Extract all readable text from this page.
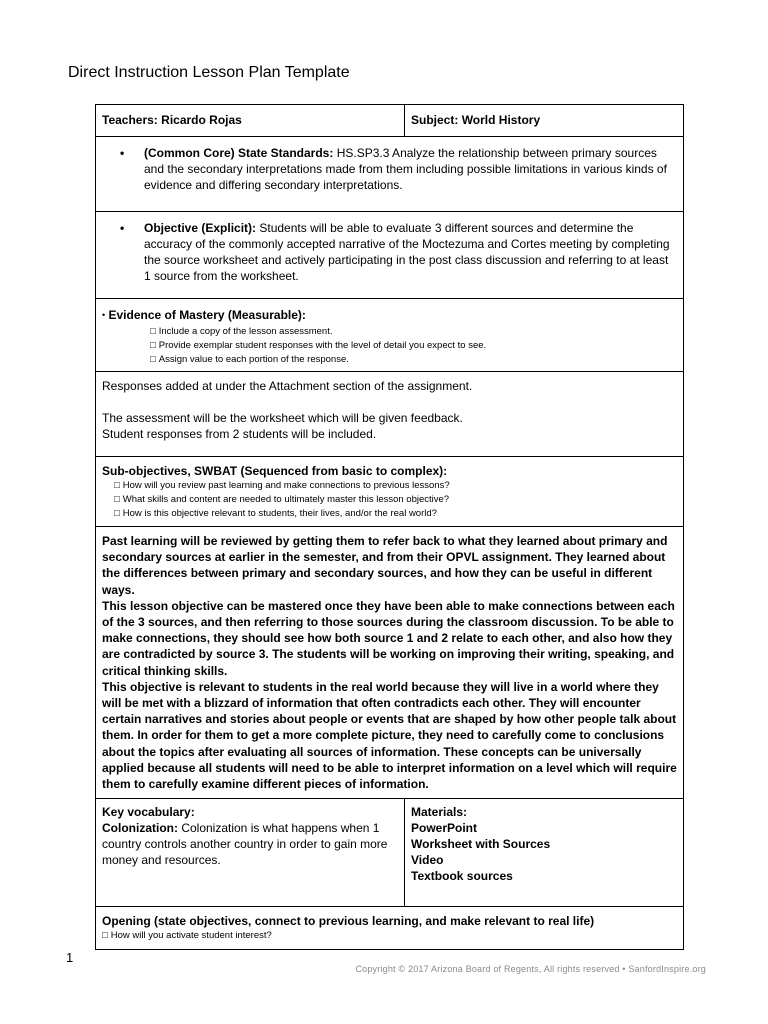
Direct Instruction Lesson Plan Template
Teachers: Ricardo Rojas	Subject: World History
•	(Common Core) State Standards: HS.SP3.3 Analyze the relationship between primary sources and the secondary interpretations made from them including possible limitations in various kinds of evidence and differing secondary interpretations.
•	Objective (Explicit): Students will be able to evaluate 3 different sources and determine the accuracy of the commonly accepted narrative of the Moctezuma and Cortes meeting by completing the source worksheet and actively participating in the post class discussion and referring to at least 1 source from the worksheet.
• Evidence of Mastery (Measurable):
□ Include a copy of the lesson assessment.
□ Provide exemplar student responses with the level of detail you expect to see.
□ Assign value to each portion of the response.

Responses added at under the Attachment section of the assignment.

The assessment will be the worksheet which will be given feedback.

Student responses from 2 students will be included.

Sub-objectives, SWBAT (Sequenced from basic to complex):
□ How will you review past learning and make connections to previous lessons?
□ What skills and content are needed to ultimately master this lesson objective?
□ How is this objective relevant to students, their lives, and/or the real world?

Past learning will be reviewed by getting them to refer back to what they learned about primary and secondary sources at earlier in the semester, and from their OPVL assignment. They learned about the differences between primary and secondary sources, and how they can be useful in different ways.

This lesson objective can be mastered once they have been able to make connections between each of the 3 sources, and then referring to those sources during the classroom discussion. To be able to make connections, they should see how both source 1 and 2 relate to each other, and also how they are contradicted by source 3. The students will be working on improving their writing, speaking, and critical thinking skills.

This objective is relevant to students in the real world because they will live in a world where they will be met with a blizzard of information that often contradicts each other. They will encounter certain narratives and stories about people or events that are shaped by how other people talk about them. In order for them to get a more complete picture, they need to carefully come to conclusions about the topics after evaluating all sources of information. These concepts can be universally applied because all students will need to be able to interpret information on a level which will require them to carefully examine different pieces of information.

Key vocabulary:
Colonization: Colonization is what happens when 1 country controls another country in order to gain more money and resources.
Materials:
PowerPoint
Worksheet with Sources
Video
Textbook sources
Opening (state objectives, connect to previous learning, and make relevant to real life)
□ How will you activate student interest?
1
Copyright © 2017 Arizona Board of Regents, All rights reserved • SanfordInspire.org
